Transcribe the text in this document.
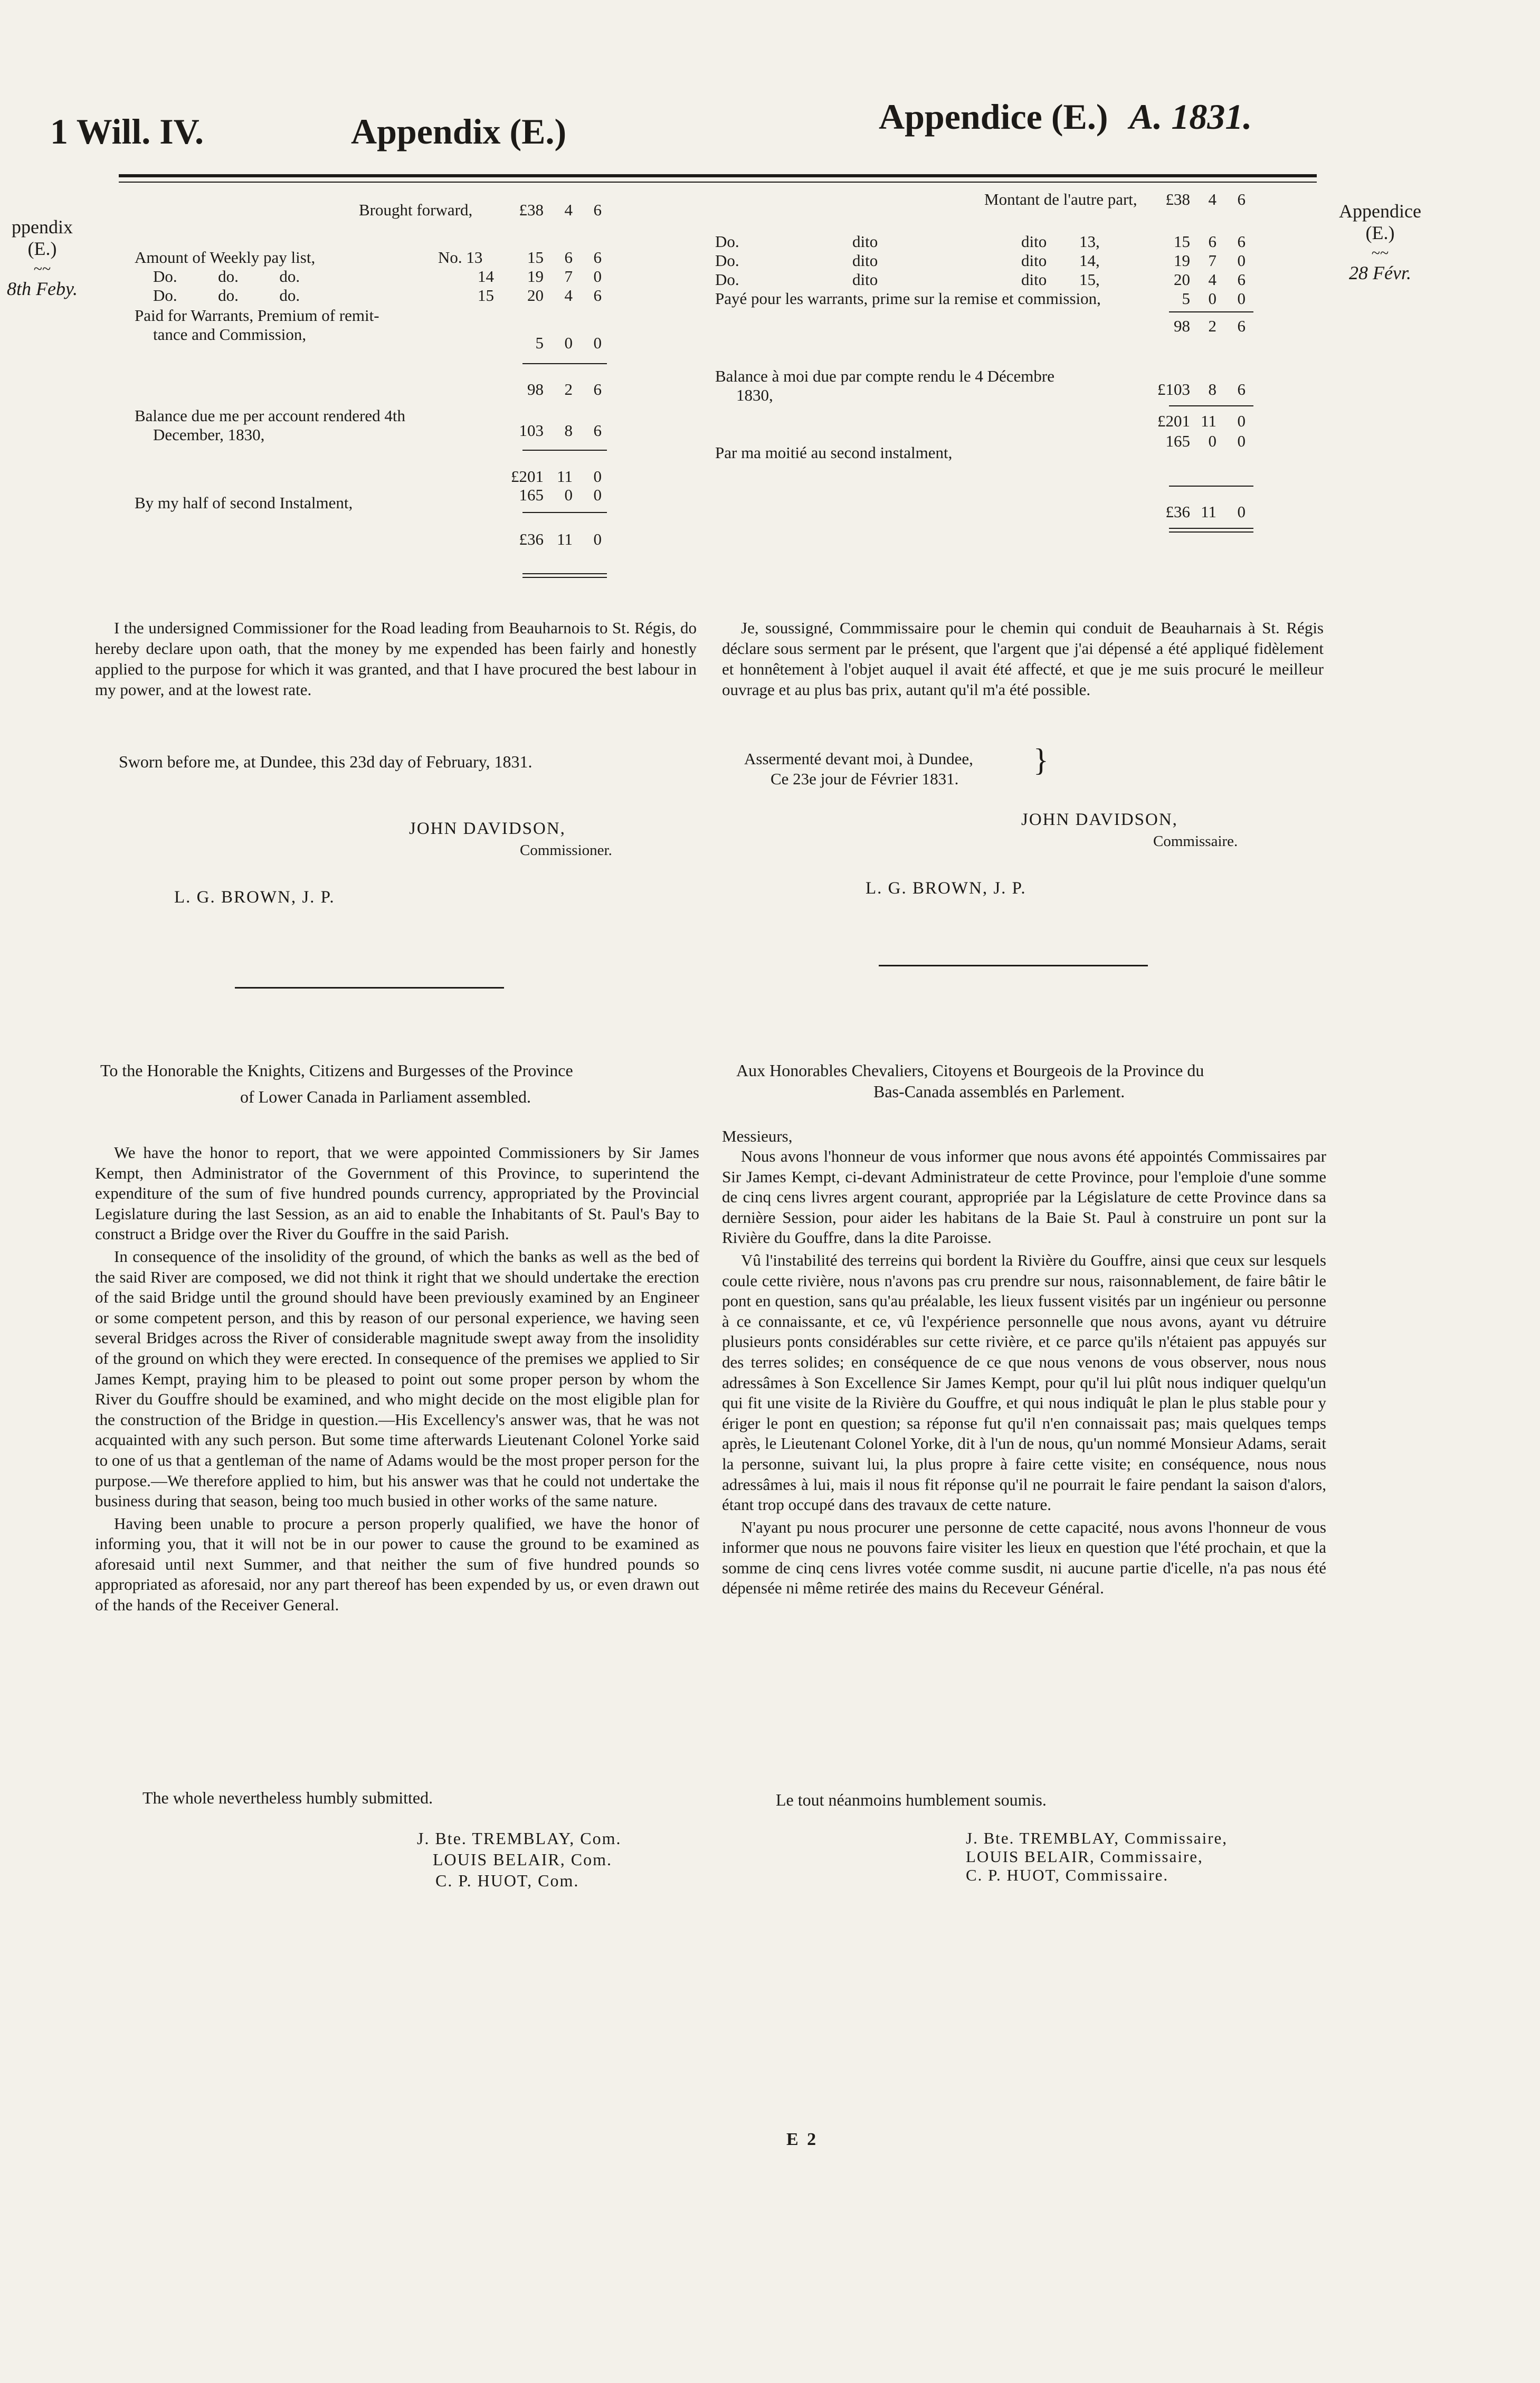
1 Will. IV.	Appendix (E.)	Appendice (E.) A. 1831.
ppendix
(E.)
~~
8th Feby.
Appendice
(E.)
~~
28 Févr.
Brought forward,	£38	4	6
Amount of Weekly pay list,	No. 13	15	6	6
Do.          do.          do.	14	19	7	0
Do.          do.          do.	15	20	4	6
Paid for Warrants, Premium of remit-
tance and Commission,	5	0	0
98	2	6
Balance due me per account rendered 4th
December, 1830,	103	8	6
£201 11	0
By my half of second Instalment,	165	0	0
£36 11	0
Montant de l'autre part,	£38	4	6
Do.	dito	dito 13,	15	6	6
Do.	dito	dito 14,	19	7	0
Do.	dito	dito 15,	20	4	6
Payé pour les warrants, prime sur la remise et commission,	5	0	0
98	2	6
Balance à moi due par compte rendu le 4 Décembre
1830,	£103	8	6
£201 11	0
Par ma moitié au second instalment,
165	0	0
£36 11	0

I the undersigned Commissioner for the Road leading from Beauharnois to St. Régis, do hereby declare upon oath, that the money by me expended has been fairly and honestly applied to the purpose for which it was granted, and that I have procured the best labour in my power, and at the lowest rate.

Sworn before me, at Dundee, this 23d day of February, 1831.
JOHN DAVIDSON,
Commissioner.
L. G. BROWN, J. P.

Je, soussigné, Commmissaire pour le chemin qui conduit de Beauharnais à St. Régis déclare sous serment par le présent, que l'argent que j'ai dépensé a été appliqué fidèlement et honnêtement à l'objet auquel il avait été affecté, et que je me suis procuré le meilleur ouvrage et au plus bas prix, autant qu'il m'a été possible.

Assermenté devant moi, à Dundee,
Ce 23e jour de Février 1831.
}
JOHN DAVIDSON,
Commissaire.
L. G. BROWN, J. P.
To the Honorable the Knights, Citizens and Burgesses of the Province
of Lower Canada in Parliament assembled.

We have the honor to report, that we were appointed Commissioners by Sir James Kempt, then Administrator of the Government of this Province, to superintend the expenditure of the sum of five hundred pounds currency, appropriated by the Provincial Legislature during the last Session, as an aid to enable the Inhabitants of St. Paul's Bay to construct a Bridge over the River du Gouffre in the said Parish.

In consequence of the insolidity of the ground, of which the banks as well as the bed of the said River are composed, we did not think it right that we should undertake the erection of the said Bridge until the ground should have been previously examined by an Engineer or some competent person, and this by reason of our personal experience, we having seen several Bridges across the River of considerable magnitude swept away from the insolidity of the ground on which they were erected. In consequence of the premises we applied to Sir James Kempt, praying him to be pleased to point out some proper person by whom the River du Gouffre should be examined, and who might decide on the most eligible plan for the construction of the Bridge in question.—His Excellency's answer was, that he was not acquainted with any such person. But some time afterwards Lieutenant Colonel Yorke said to one of us that a gentleman of the name of Adams would be the most proper person for the purpose.—We therefore applied to him, but his answer was that he could not undertake the business during that season, being too much busied in other works of the same nature.

Having been unable to procure a person properly qualified, we have the honor of informing you, that it will not be in our power to cause the ground to be examined as aforesaid until next Summer, and that neither the sum of five hundred pounds so appropriated as aforesaid, nor any part thereof has been expended by us, or even drawn out of the hands of the Receiver General.

The whole nevertheless humbly submitted.
J. Bte. TREMBLAY, Com.
LOUIS BELAIR, Com.
C. P. HUOT, Com.
Aux Honorables Chevaliers, Citoyens et Bourgeois de la Province du
Bas-Canada assemblés en Parlement.
Messieurs,

Nous avons l'honneur de vous informer que nous avons été appointés Commissaires par Sir James Kempt, ci-devant Administrateur de cette Province, pour l'emploie d'une somme de cinq cens livres argent courant, appropriée par la Législature de cette Province dans sa dernière Session, pour aider les habitans de la Baie St. Paul à construire un pont sur la Rivière du Gouffre, dans la dite Paroisse.

Vû l'instabilité des terreins qui bordent la Rivière du Gouffre, ainsi que ceux sur lesquels coule cette rivière, nous n'avons pas cru prendre sur nous, raisonnablement, de faire bâtir le pont en question, sans qu'au préalable, les lieux fussent visités par un ingénieur ou personne à ce connaissante, et ce, vû l'expérience personnelle que nous avons, ayant vu détruire plusieurs ponts considérables sur cette rivière, et ce parce qu'ils n'étaient pas appuyés sur des terres solides; en conséquence de ce que nous venons de vous observer, nous nous adressâmes à Son Excellence Sir James Kempt, pour qu'il lui plût nous indiquer quelqu'un qui fit une visite de la Rivière du Gouffre, et qui nous indiquât le plan le plus stable pour y ériger le pont en question; sa réponse fut qu'il n'en connaissait pas; mais quelques temps après, le Lieutenant Colonel Yorke, dit à l'un de nous, qu'un nommé Monsieur Adams, serait la personne, suivant lui, la plus propre à faire cette visite; en conséquence, nous nous adressâmes à lui, mais il nous fit réponse qu'il ne pourrait le faire pendant la saison d'alors, étant trop occupé dans des travaux de cette nature.

N'ayant pu nous procurer une personne de cette capacité, nous avons l'honneur de vous informer que nous ne pouvons faire visiter les lieux en question que l'été prochain, et que la somme de cinq cens livres votée comme susdit, ni aucune partie d'icelle, n'a pas nous été dépensée ni même retirée des mains du Receveur Général.

Le tout néanmoins humblement soumis.
J. Bte. TREMBLAY, Commissaire,
LOUIS BELAIR, Commissaire,
C. P. HUOT, Commissaire.
E 2
